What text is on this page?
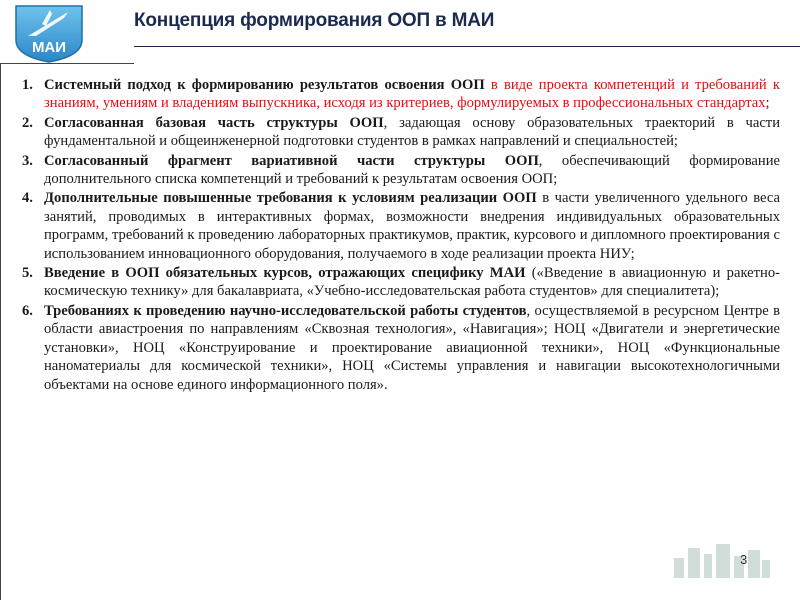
МАИ
Концепция формирования ООП в МАИ
1. Системный подход к формированию результатов освоения ООП в виде проекта компетенций и требований к знаниям, умениям и владениям выпускника, исходя из критериев, формулируемых в профессиональных стандартах;
2. Согласованная базовая часть структуры ООП, задающая основу образовательных траекторий в части фундаментальной и общеинженерной подготовки студентов в рамках направлений и специальностей;
3. Согласованный фрагмент вариативной части структуры ООП, обеспечивающий формирование дополнительного списка компетенций и требований к результатам освоения ООП;
4. Дополнительные повышенные требования к условиям реализации ООП в части увеличенного удельного веса занятий, проводимых в интерактивных формах, возможности внедрения индивидуальных образовательных программ, требований к проведению лабораторных практикумов, практик, курсового и дипломного проектирования с использованием инновационного оборудования, получаемого в ходе реализации проекта НИУ;
5. Введение в ООП обязательных курсов, отражающих специфику МАИ («Введение в авиационную и ракетно-космическую технику» для бакалавриата, «Учебно-исследовательская работа студентов» для специалитета);
6. Требованиях к проведению научно-исследовательской работы студентов, осуществляемой в ресурсном Центре в области авиастроения по направлениям «Сквозная технология», «Навигация»; НОЦ «Двигатели и энергетические установки», НОЦ «Конструирование и проектирование авиационной техники», НОЦ «Функциональные наноматериалы для космической техники», НОЦ «Системы управления и навигации высокотехнологичными объектами на основе единого информационного поля».
3
